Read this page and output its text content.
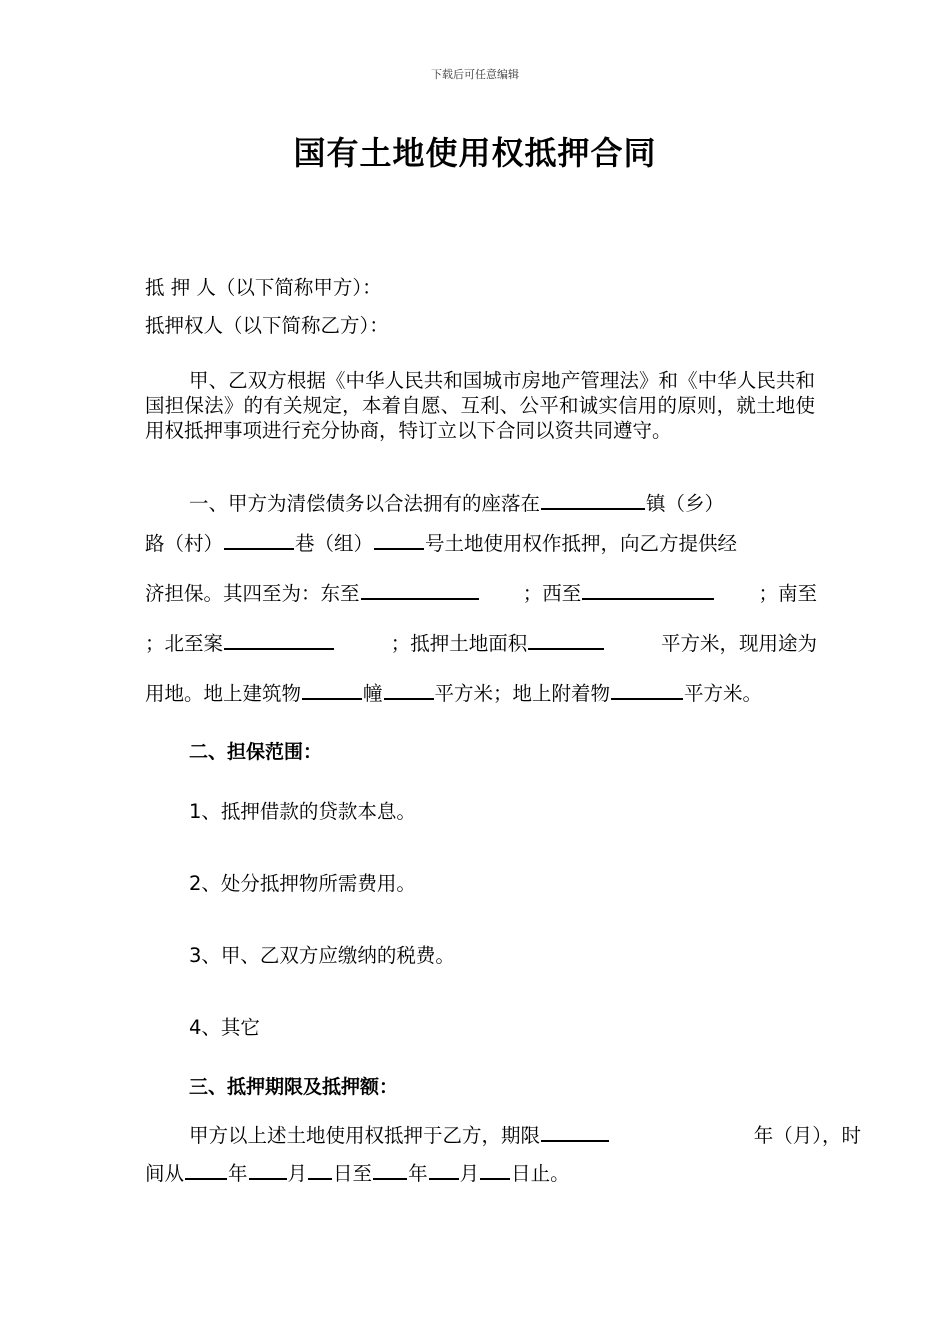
下载后可任意编辑
国有土地使用权抵押合同
抵 押 人（以下简称甲方）：
抵押权人（以下简称乙方）：
甲、乙双方根据《中华人民共和国城市房地产管理法》和《中华人民共和国担保法》的有关规定，本着自愿、互利、公平和诚实信用的原则，就土地使用权抵押事项进行充分协商，特订立以下合同以资共同遵守。
一、甲方为清偿债务以合法拥有的座落在	镇（乡）
路（村）	巷（组）	号土地使用权作抵押，向乙方提供经
济担保。其四至为：东至	；西至	；南至
；北至案	；抵押土地面积	平方米，现用途为
用地。地上建筑物	幢	平方米；地上附着物	平方米。
二、担保范围：
1、抵押借款的贷款本息。
2、处分抵押物所需费用。
3、甲、乙双方应缴纳的税费。
4、其它
三、抵押期限及抵押额：
甲方以上述土地使用权抵押于乙方，期限	年（月），时
间从 年 月 日至 年 月 日止。
